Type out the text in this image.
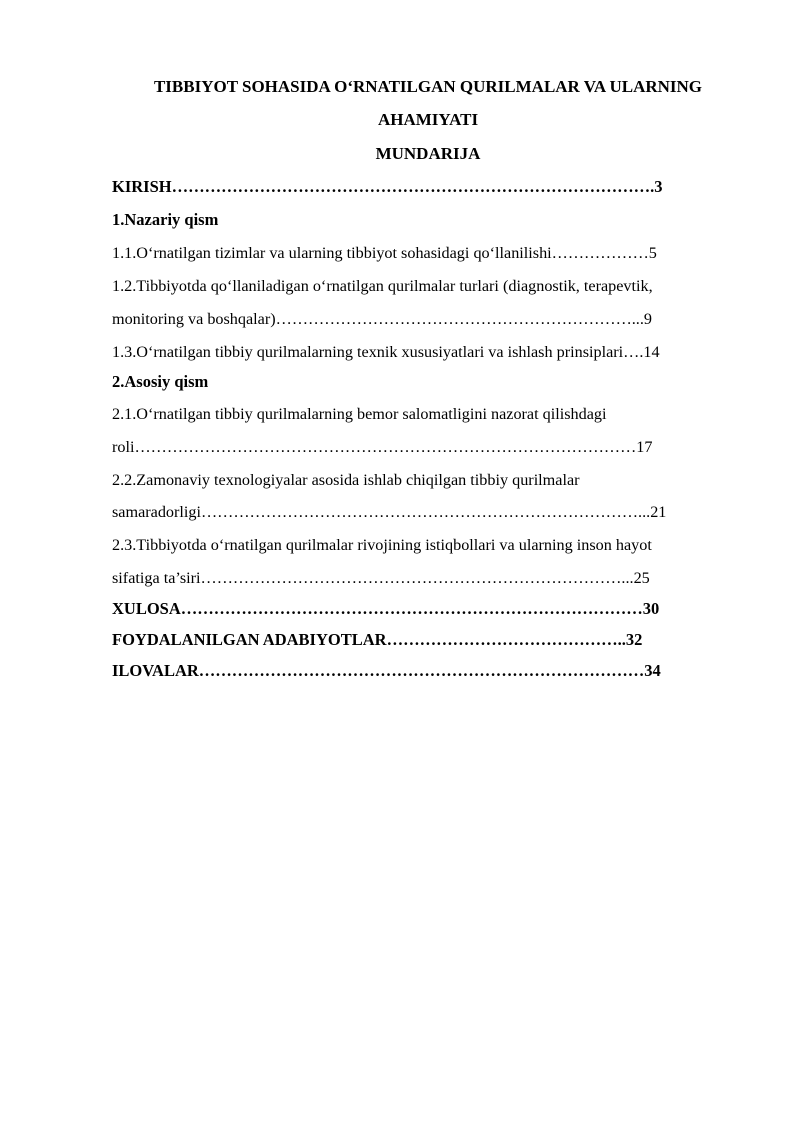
TIBBIYOT SOHASIDA O‘RNATILGAN QURILMALAR VA ULARNING
AHAMIYATI
MUNDARIJA
KIRISH…………………………………………………………………………….3
1.Nazariy qism
1.1.O‘rnatilgan tizimlar va ularning tibbiyot sohasidagi qo‘llanilishi………………5
1.2.Tibbiyotda qo‘llaniladigan o‘rnatilgan qurilmalar turlari (diagnostik, terapevtik,
monitoring va boshqalar)…………………………………………………………...9
1.3.O‘rnatilgan tibbiy qurilmalarning texnik xususiyatlari va ishlash prinsiplari….14
2.Asosiy qism
2.1.O‘rnatilgan tibbiy qurilmalarning bemor salomatligini nazorat qilishdagi
roli…………………………………………………………………………………17
2.2.Zamonaviy texnologiyalar asosida ishlab chiqilgan tibbiy qurilmalar
samaradorligi………………………………………………………………………...21
2.3.Tibbiyotda o‘rnatilgan qurilmalar rivojining istiqbollari va ularning inson hayot
sifatiga ta’siri……………………………………………………………………...25
XULOSA…………………………………………………………………………30
FOYDALANILGAN ADABIYOTLAR……………………………………..32
ILOVALAR………………………………………………………………………34
